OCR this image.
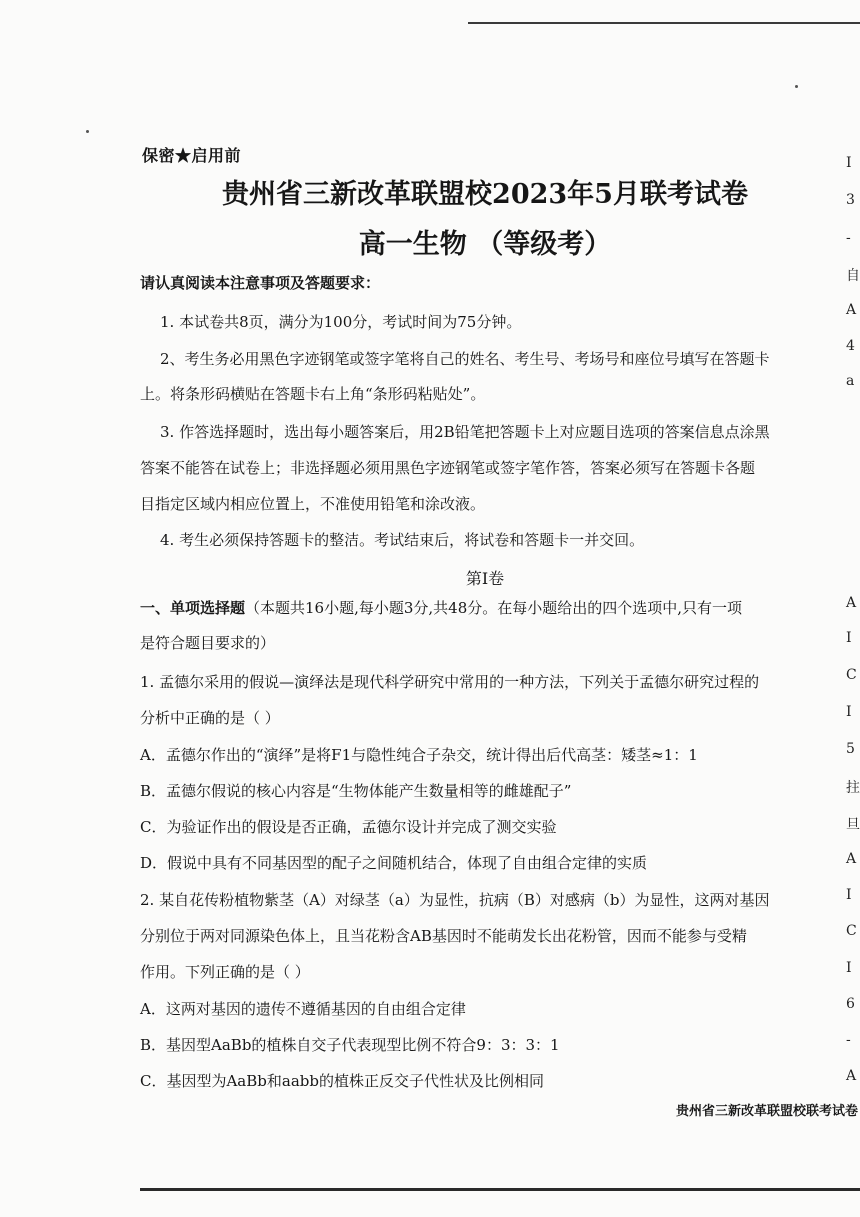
保密★启用前
贵州省三新改革联盟校2023年5月联考试卷
高一生物 （等级考）
请认真阅读本注意事项及答题要求：
1. 本试卷共8页，满分为100分，考试时间为75分钟。
2、考生务必用黑色字迹钢笔或签字笔将自己的姓名、考生号、考场号和座位号填写在答题卡
上。将条形码横贴在答题卡右上角“条形码粘贴处”。
3. 作答选择题时，选出每小题答案后，用2B铅笔把答题卡上对应题目选项的答案信息点涂黑
答案不能答在试卷上；非选择题必须用黑色字迹钢笔或签字笔作答，答案必须写在答题卡各题
目指定区域内相应位置上，不准使用铅笔和涂改液。
4. 考生必须保持答题卡的整洁。考试结束后，将试卷和答题卡一并交回。
第I卷
一、单项选择题（本题共16小题,每小题3分,共48分。在每小题给出的四个选项中,只有一项
是符合题目要求的）
1. 孟德尔采用的假说—演绎法是现代科学研究中常用的一种方法，下列关于孟德尔研究过程的
分析中正确的是（ ）
A．孟德尔作出的“演绎”是将F1与隐性纯合子杂交，统计得出后代高茎：矮茎≈1：1
B．孟德尔假说的核心内容是“生物体能产生数量相等的雌雄配子”
C．为验证作出的假设是否正确，孟德尔设计并完成了测交实验
D．假说中具有不同基因型的配子之间随机结合，体现了自由组合定律的实质
2. 某自花传粉植物紫茎（A）对绿茎（a）为显性，抗病（B）对感病（b）为显性，这两对基因
分别位于两对同源染色体上，且当花粉含AB基因时不能萌发长出花粉管，因而不能参与受精
作用。下列正确的是（ ）
A．这两对基因的遗传不遵循基因的自由组合定律
B．基因型AaBb的植株自交子代表现型比例不符合9：3：3：1
C．基因型为AaBb和aabb的植株正反交子代性状及比例相同
贵州省三新改革联盟校联考试卷
I
3
-
自
A
4
a
A
I
C
I
5
拄
旦
A
I
C
I
6
-
A
